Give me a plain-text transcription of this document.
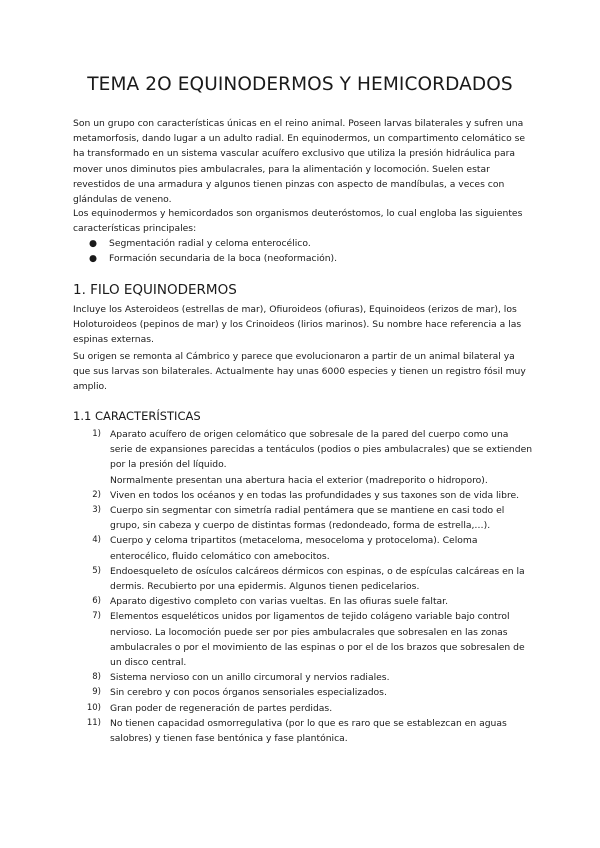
TEMA 2O EQUINODERMOS Y HEMICORDADOS

Son un grupo con características únicas en el reino animal. Poseen larvas bilaterales y sufren una metamorfosis, dando lugar a un adulto radial. En equinodermos, un compartimento celomático se ha transformado en un sistema vascular acuífero exclusivo que utiliza la presión hidráulica para mover unos diminutos pies ambulacrales, para la alimentación y locomoción. Suelen estar revestidos de una armadura y algunos tienen pinzas con aspecto de mandíbulas, a veces con glándulas de veneno.

Los equinodermos y hemicordados son organismos deuteróstomos, lo cual engloba las siguientes características principales:

● Segmentación radial y celoma enterocélico.
● Formación secundaria de la boca (neoformación).
1. FILO EQUINODERMOS

Incluye los Asteroideos (estrellas de mar), Ofiuroideos (ofiuras), Equinoideos (erizos de mar), los Holoturoideos (pepinos de mar) y los Crinoideos (lirios marinos). Su nombre hace referencia a las espinas externas.

Su origen se remonta al Cámbrico y parece que evolucionaron a partir de un animal bilateral ya que sus larvas son bilaterales. Actualmente hay unas 6000 especies y tienen un registro fósil muy amplio.

1.1 CARACTERÍSTICAS
1) Aparato acuífero de origen celomático que sobresale de la pared del cuerpo como una serie de expansiones parecidas a tentáculos (podios o pies ambulacrales) que se extienden por la presión del líquido.
Normalmente presentan una abertura hacia el exterior (madreporito o hidroporo).
2) Viven en todos los océanos y en todas las profundidades y sus taxones son de vida libre.
3) Cuerpo sin segmentar con simetría radial pentámera que se mantiene en casi todo el grupo, sin cabeza y cuerpo de distintas formas (redondeado, forma de estrella,…).
4) Cuerpo y celoma tripartitos (metaceloma, mesoceloma y protoceloma). Celoma enterocélico, fluido celomático con amebocitos.
5) Endoesqueleto de osículos calcáreos dérmicos con espinas, o de espículas calcáreas en la dermis. Recubierto por una epidermis. Algunos tienen pedicelarios.
6) Aparato digestivo completo con varias vueltas. En las ofiuras suele faltar.
7) Elementos esqueléticos unidos por ligamentos de tejido colágeno variable bajo control nervioso. La locomoción puede ser por pies ambulacrales que sobresalen en las zonas ambulacrales o por el movimiento de las espinas o por el de los brazos que sobresalen de un disco central.
8) Sistema nervioso con un anillo circumoral y nervios radiales.
9) Sin cerebro y con pocos órganos sensoriales especializados.
10) Gran poder de regeneración de partes perdidas.
11) No tienen capacidad osmorregulativa (por lo que es raro que se establezcan en aguas salobres) y tienen fase bentónica y fase plantónica.
